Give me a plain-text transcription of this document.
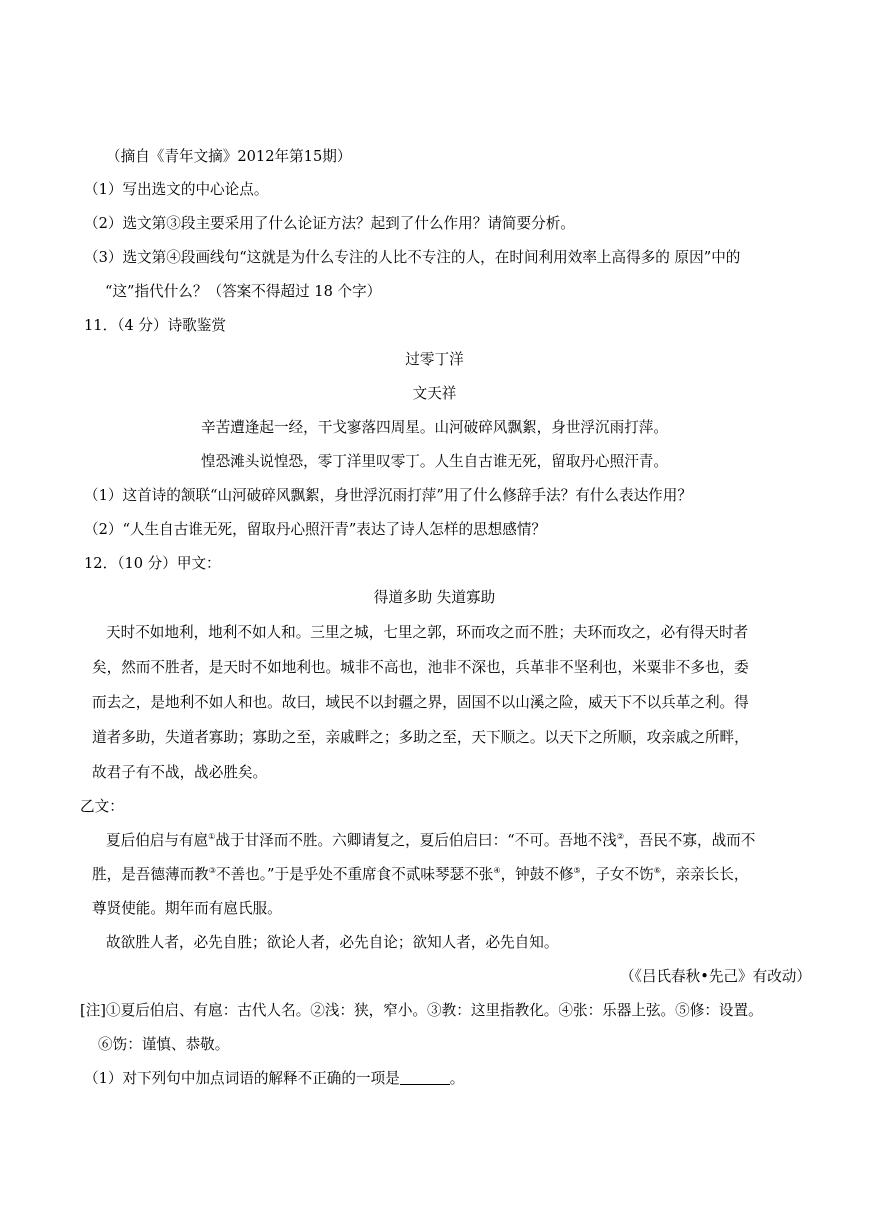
（摘自《青年文摘》2012年第15期）
（1）写出选文的中心论点。
（2）选文第③段主要采用了什么论证方法？起到了什么作用？请简要分析。
（3）选文第④段画线句“这就是为什么专注的人比不专注的人，在时间利用效率上高得多的 原因”中的
“这”指代什么？（答案不得超过 18 个字）
11．（4 分）诗歌鉴赏
过零丁洋
文天祥
辛苦遭逢起一经，干戈寥落四周星。山河破碎风飘絮，身世浮沉雨打萍。
惶恐滩头说惶恐，零丁洋里叹零丁。人生自古谁无死，留取丹心照汗青。
（1）这首诗的颔联“山河破碎风飘絮，身世浮沉雨打萍”用了什么修辞手法？有什么表达作用？
（2）“人生自古谁无死，留取丹心照汗青”表达了诗人怎样的思想感情？
12．（10 分）甲文：
得道多助 失道寡助
天时不如地利，地利不如人和。三里之城，七里之郭，环而攻之而不胜；夫环而攻之，必有得天时者
矣，然而不胜者，是天时不如地利也。城非不高也，池非不深也，兵革非不坚利也，米粟非不多也，委
而去之，是地利不如人和也。故曰，域民不以封疆之界，固国不以山溪之险，威天下不以兵革之利。得
道者多助，失道者寡助；寡助之至，亲戚畔之；多助之至，天下顺之。以天下之所顺，攻亲戚之所畔，
故君子有不战，战必胜矣。
乙文：
夏后伯启与有扈①战于甘泽而不胜。六卿请复之，夏后伯启曰：“不可。吾地不浅②，吾民不寡，战而不
胜，是吾德薄而教③不善也。”于是乎处不重席食不贰味琴瑟不张④，钟鼓不修⑤，子女不饬⑥，亲亲长长，
尊贤使能。期年而有扈氏服。
故欲胜人者，必先自胜；欲论人者，必先自论；欲知人者，必先自知。
（《吕氏春秋•先己》有改动）
[注]①夏后伯启、有扈：古代人名。②浅：狭，窄小。③教：这里指教化。④张：乐器上弦。⑤修：设置。
⑥饬：谨慎、恭敬。
（1）对下列句中加点词语的解释不正确的一项是	。
